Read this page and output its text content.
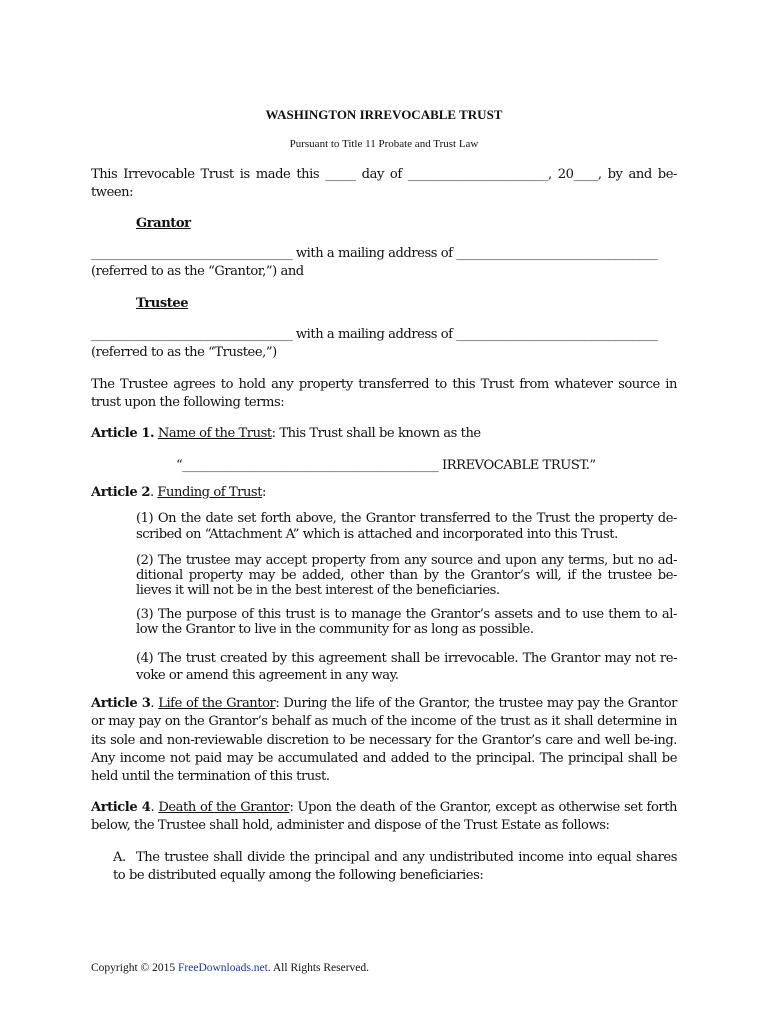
WASHINGTON IRREVOCABLE TRUST
Pursuant to Title 11 Probate and Trust Law

This Irrevocable Trust is made this _____ day of _______________________, 20____, by and be-tween:

Grantor

_________________________________ with a mailing address of _________________________________

(referred to as the “Grantor,”) and

Trustee

_________________________________ with a mailing address of _________________________________

(referred to as the “Trustee,”)

The Trustee agrees to hold any property transferred to this Trust from whatever source in trust upon the following terms:

Article 1. Name of the Trust: This Trust shall be known as the

“__________________________________________ IRREVOCABLE TRUST.”

Article 2. Funding of Trust:

(1) On the date set forth above, the Grantor transferred to the Trust the property de-scribed on “Attachment A” which is attached and incorporated into this Trust.

(2) The trustee may accept property from any source and upon any terms, but no ad-ditional property may be added, other than by the Grantor’s will, if the trustee be-lieves it will not be in the best interest of the beneficiaries.

(3) The purpose of this trust is to manage the Grantor’s assets and to use them to al-low the Grantor to live in the community for as long as possible.

(4) The trust created by this agreement shall be irrevocable. The Grantor may not re-voke or amend this agreement in any way.

Article 3. Life of the Grantor: During the life of the Grantor, the trustee may pay the Grantor or may pay on the Grantor’s behalf as much of the income of the trust as it shall determine in its sole and non-reviewable discretion to be necessary for the Grantor’s care and well be-ing. Any income not paid may be accumulated and added to the principal. The principal shall be held until the termination of this trust.

Article 4. Death of the Grantor: Upon the death of the Grantor, except as otherwise set forth below, the Trustee shall hold, administer and dispose of the Trust Estate as follows:

A. The trustee shall divide the principal and any undistributed income into equal shares to be distributed equally among the following beneficiaries:

Copyright © 2015 FreeDownloads.net. All Rights Reserved.
